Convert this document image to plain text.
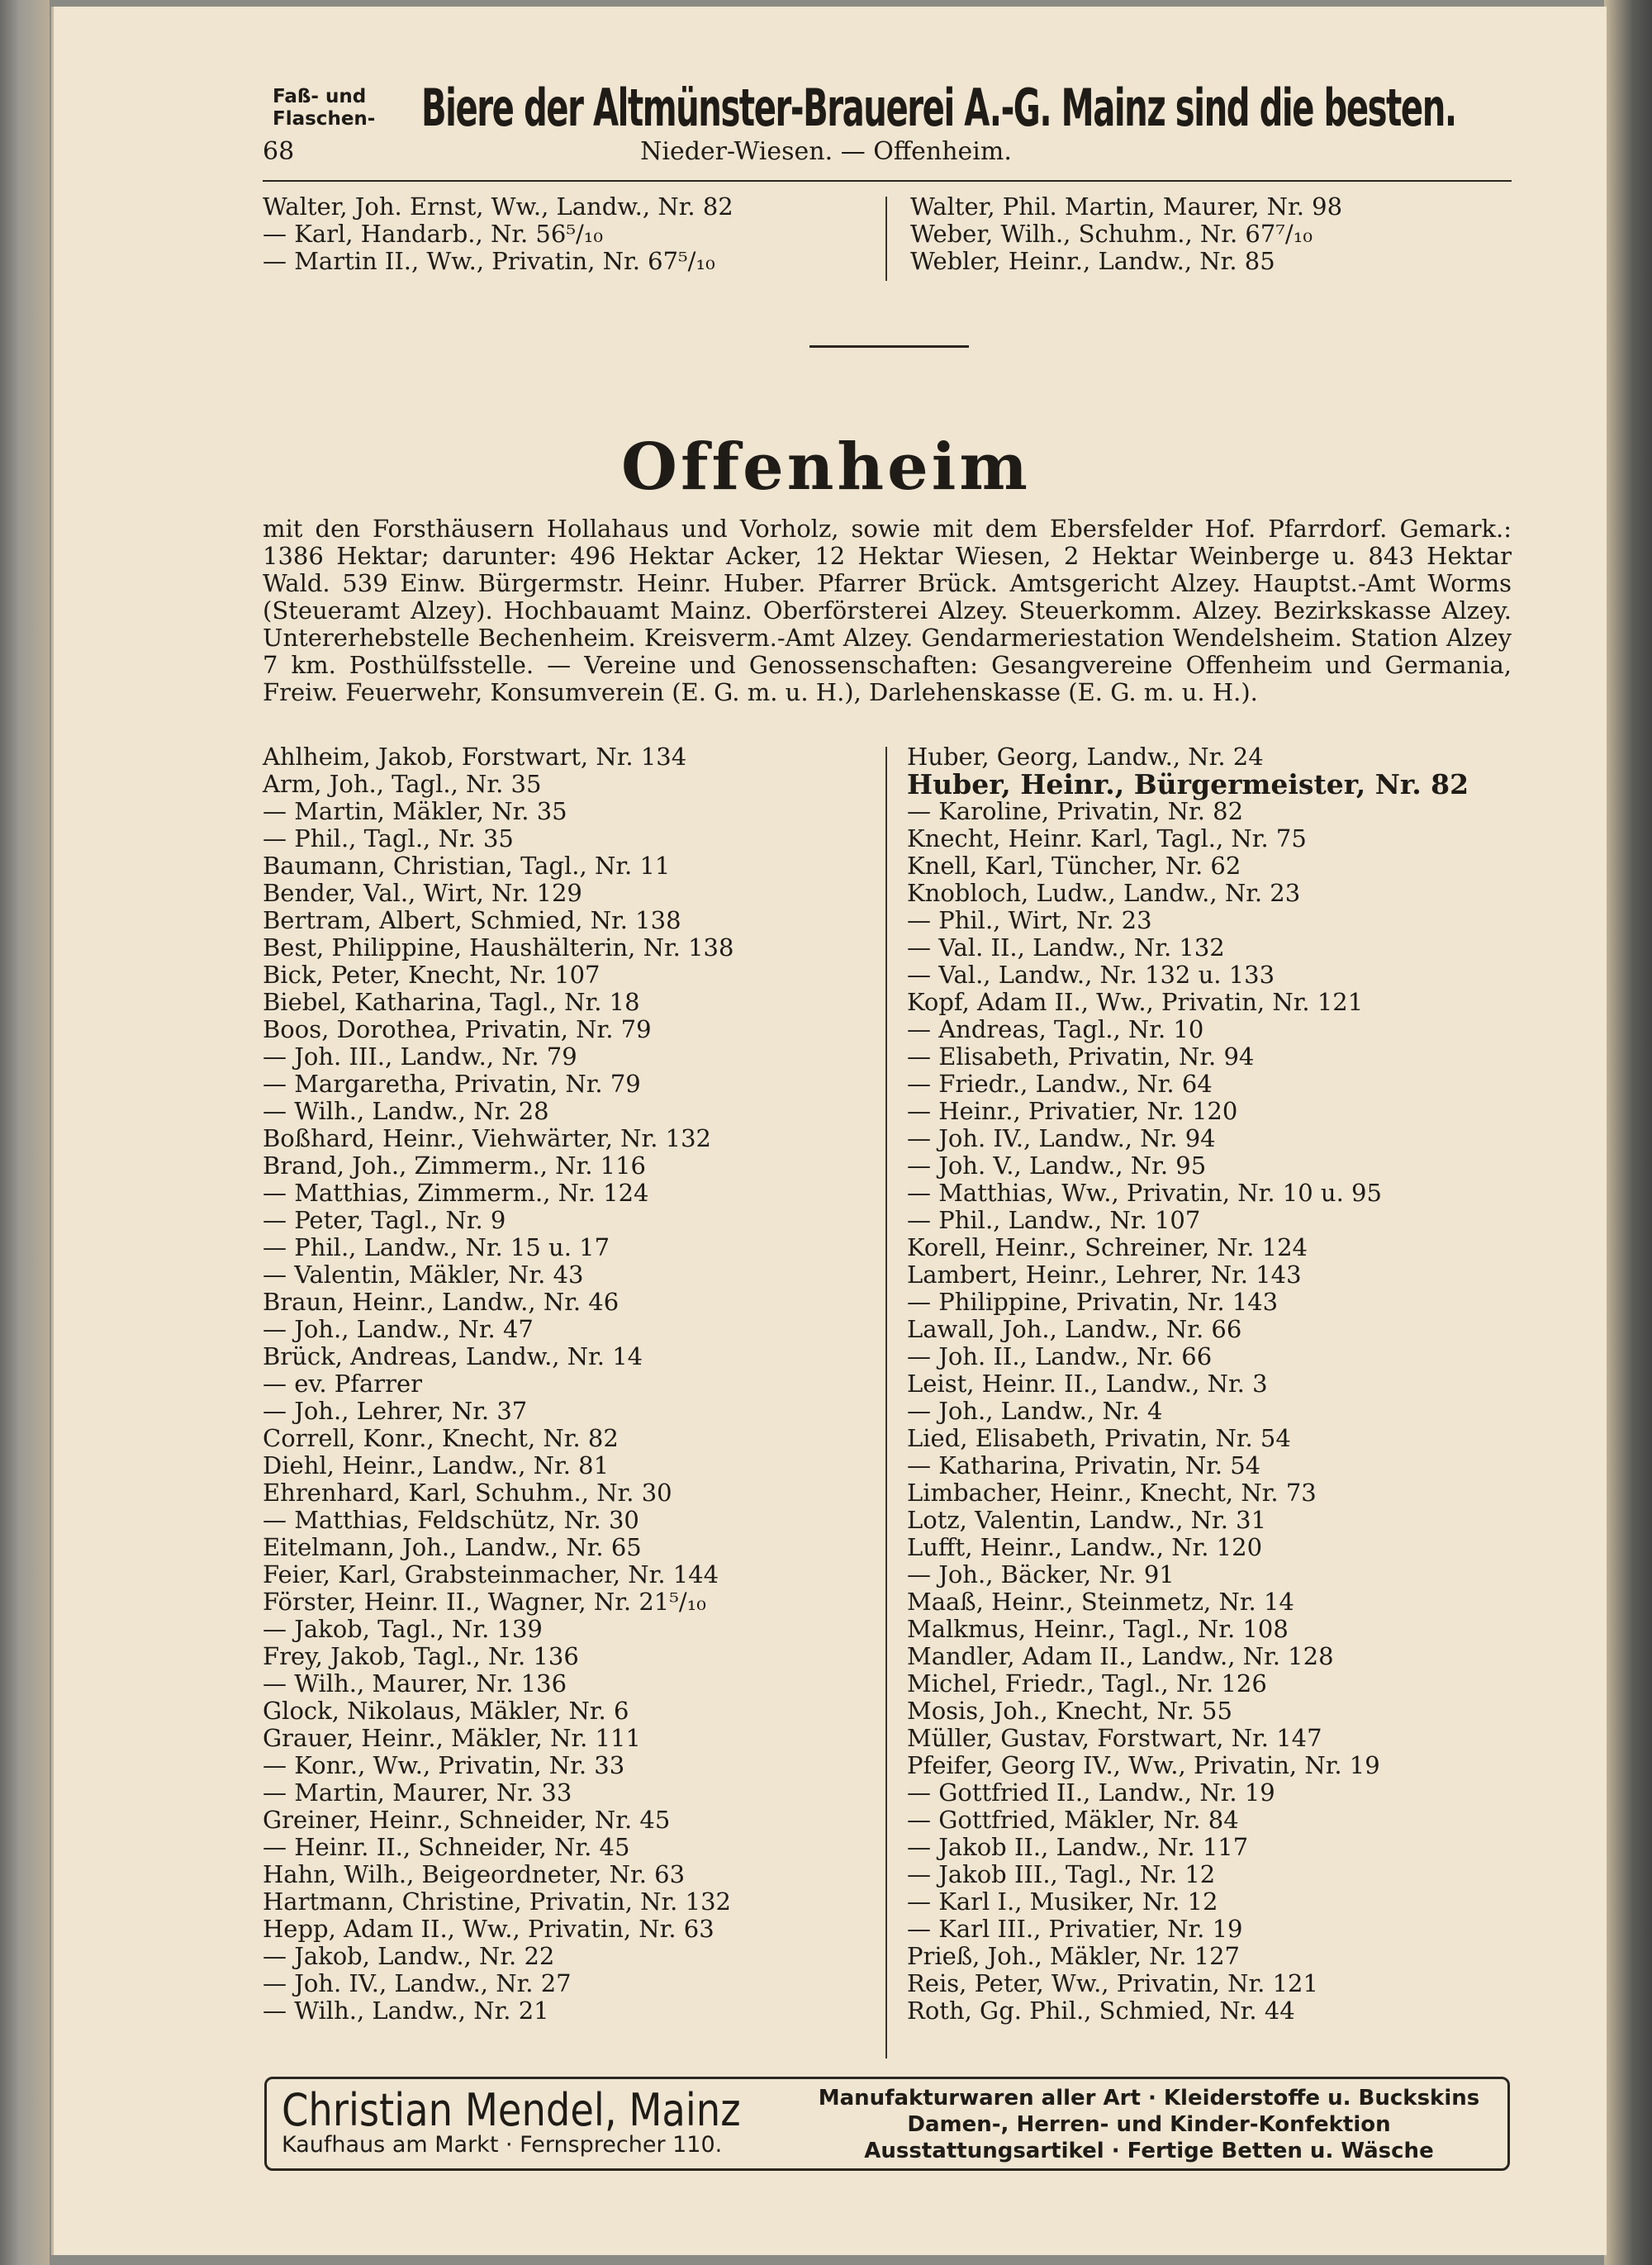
Faß- und Flaschen- Biere der Altmünster-Brauerei A.-G. Mainz sind die besten.
68	Nieder-Wiesen. — Offenheim.
Walter, Joh. Ernst, Ww., Landw., Nr. 82
— Karl, Handarb., Nr. 56⁵/₁₀
— Martin II., Ww., Privatin, Nr. 67⁵/₁₀
Walter, Phil. Martin, Maurer, Nr. 98
Weber, Wilh., Schuhm., Nr. 67⁷/₁₀
Webler, Heinr., Landw., Nr. 85
Offenheim
mit den Forsthäusern Hollahaus und Vorholz, sowie mit dem Ebersfelder Hof. Pfarrdorf. Gemark.: 1386 Hektar; darunter: 496 Hektar Acker, 12 Hektar Wiesen, 2 Hektar Weinberge u. 843 Hektar Wald. 539 Einw. Bürgermstr. Heinr. Huber. Pfarrer Brück. Amtsgericht Alzey. Hauptst.-Amt Worms (Steueramt Alzey). Hochbauamt Mainz. Oberförsterei Alzey. Steuerkomm. Alzey. Bezirkskasse Alzey. Untererhebstelle Bechenheim. Kreisverm.-Amt Alzey. Gendarmeriestation Wendelsheim. Station Alzey 7 km. Posthülfsstelle. — Vereine und Genossenschaften: Gesangvereine Offenheim und Germania, Freiw. Feuerwehr, Konsumverein (E. G. m. u. H.), Darlehenskasse (E. G. m. u. H.).
Ahlheim, Jakob, Forstwart, Nr. 134
Arm, Joh., Tagl., Nr. 35
— Martin, Mäkler, Nr. 35
— Phil., Tagl., Nr. 35
Baumann, Christian, Tagl., Nr. 11
Bender, Val., Wirt, Nr. 129
Bertram, Albert, Schmied, Nr. 138
Best, Philippine, Haushälterin, Nr. 138
Bick, Peter, Knecht, Nr. 107
Biebel, Katharina, Tagl., Nr. 18
Boos, Dorothea, Privatin, Nr. 79
— Joh. III., Landw., Nr. 79
— Margaretha, Privatin, Nr. 79
— Wilh., Landw., Nr. 28
Boßhard, Heinr., Viehwärter, Nr. 132
Brand, Joh., Zimmerm., Nr. 116
— Matthias, Zimmerm., Nr. 124
— Peter, Tagl., Nr. 9
— Phil., Landw., Nr. 15 u. 17
— Valentin, Mäkler, Nr. 43
Braun, Heinr., Landw., Nr. 46
— Joh., Landw., Nr. 47
Brück, Andreas, Landw., Nr. 14
— ev. Pfarrer
— Joh., Lehrer, Nr. 37
Correll, Konr., Knecht, Nr. 82
Diehl, Heinr., Landw., Nr. 81
Ehrenhard, Karl, Schuhm., Nr. 30
— Matthias, Feldschütz, Nr. 30
Eitelmann, Joh., Landw., Nr. 65
Feier, Karl, Grabsteinmacher, Nr. 144
Förster, Heinr. II., Wagner, Nr. 21⁵/₁₀
— Jakob, Tagl., Nr. 139
Frey, Jakob, Tagl., Nr. 136
— Wilh., Maurer, Nr. 136
Glock, Nikolaus, Mäkler, Nr. 6
Grauer, Heinr., Mäkler, Nr. 111
— Konr., Ww., Privatin, Nr. 33
— Martin, Maurer, Nr. 33
Greiner, Heinr., Schneider, Nr. 45
— Heinr. II., Schneider, Nr. 45
Hahn, Wilh., Beigeordneter, Nr. 63
Hartmann, Christine, Privatin, Nr. 132
Hepp, Adam II., Ww., Privatin, Nr. 63
— Jakob, Landw., Nr. 22
— Joh. IV., Landw., Nr. 27
— Wilh., Landw., Nr. 21
Huber, Georg, Landw., Nr. 24
Huber, Heinr., Bürgermeister, Nr. 82
— Karoline, Privatin, Nr. 82
Knecht, Heinr. Karl, Tagl., Nr. 75
Knell, Karl, Tüncher, Nr. 62
Knobloch, Ludw., Landw., Nr. 23
— Phil., Wirt, Nr. 23
— Val. II., Landw., Nr. 132
— Val., Landw., Nr. 132 u. 133
Kopf, Adam II., Ww., Privatin, Nr. 121
— Andreas, Tagl., Nr. 10
— Elisabeth, Privatin, Nr. 94
— Friedr., Landw., Nr. 64
— Heinr., Privatier, Nr. 120
— Joh. IV., Landw., Nr. 94
— Joh. V., Landw., Nr. 95
— Matthias, Ww., Privatin, Nr. 10 u. 95
— Phil., Landw., Nr. 107
Korell, Heinr., Schreiner, Nr. 124
Lambert, Heinr., Lehrer, Nr. 143
— Philippine, Privatin, Nr. 143
Lawall, Joh., Landw., Nr. 66
— Joh. II., Landw., Nr. 66
Leist, Heinr. II., Landw., Nr. 3
— Joh., Landw., Nr. 4
Lied, Elisabeth, Privatin, Nr. 54
— Katharina, Privatin, Nr. 54
Limbacher, Heinr., Knecht, Nr. 73
Lotz, Valentin, Landw., Nr. 31
Lufft, Heinr., Landw., Nr. 120
— Joh., Bäcker, Nr. 91
Maaß, Heinr., Steinmetz, Nr. 14
Malkmus, Heinr., Tagl., Nr. 108
Mandler, Adam II., Landw., Nr. 128
Michel, Friedr., Tagl., Nr. 126
Mosis, Joh., Knecht, Nr. 55
Müller, Gustav, Forstwart, Nr. 147
Pfeifer, Georg IV., Ww., Privatin, Nr. 19
— Gottfried II., Landw., Nr. 19
— Gottfried, Mäkler, Nr. 84
— Jakob II., Landw., Nr. 117
— Jakob III., Tagl., Nr. 12
— Karl I., Musiker, Nr. 12
— Karl III., Privatier, Nr. 19
Prieß, Joh., Mäkler, Nr. 127
Reis, Peter, Ww., Privatin, Nr. 121
Roth, Gg. Phil., Schmied, Nr. 44
Christian Mendel, Mainz
Kaufhaus am Markt · Fernsprecher 110.
Manufakturwaren aller Art · Kleiderstoffe u. Buckskins
Damen-, Herren- und Kinder-Konfektion
Ausstattungsartikel · Fertige Betten u. Wäsche
